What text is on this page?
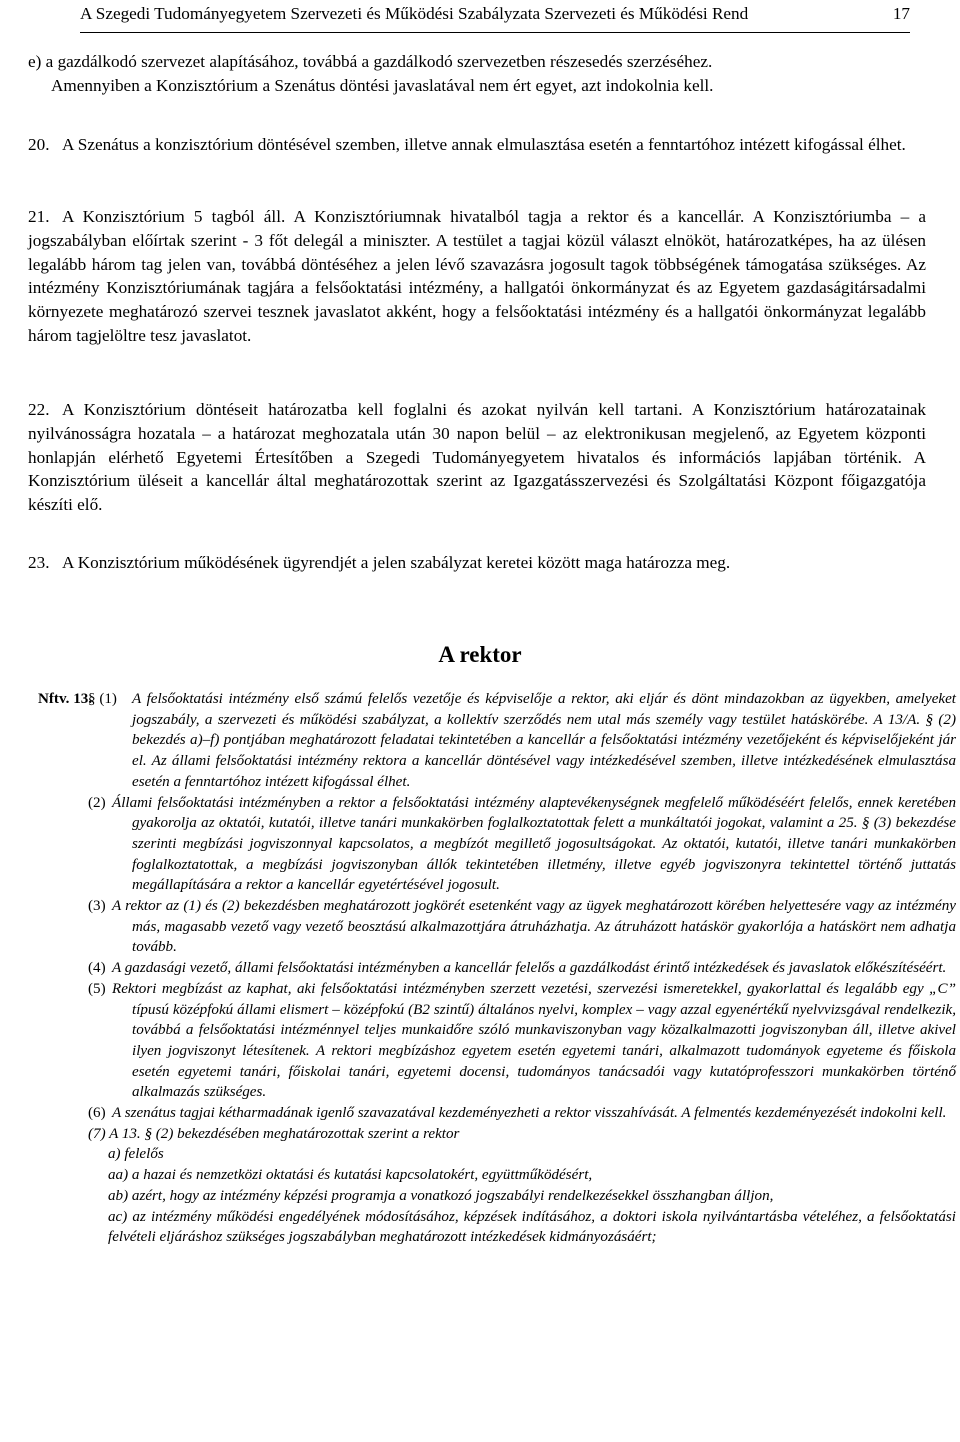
A Szegedi Tudományegyetem Szervezeti és Működési Szabályzata Szervezeti és Működési Rend	17

e) a gazdálkodó szervezet alapításához, továbbá a gazdálkodó szervezetben részesedés szerzéséhez.

Amennyiben a Konzisztórium a Szenátus döntési javaslatával nem ért egyet, azt indokolnia kell.

20. A Szenátus a konzisztórium döntésével szemben, illetve annak elmulasztása esetén a fenntartóhoz intézett kifogással élhet.

21. A Konzisztórium 5 tagból áll. A Konzisztóriumnak hivatalból tagja a rektor és a kancellár. A Konzisztóriumba – a jogszabályban előírtak szerint - 3 főt delegál a miniszter. A testület a tagjai közül választ elnököt, határozatképes, ha az ülésen legalább három tag jelen van, továbbá döntéséhez a jelen lévő szavazásra jogosult tagok többségének támogatása szükséges. Az intézmény Konzisztóriumának tagjára a felsőoktatási intézmény, a hallgatói önkormányzat és az Egyetem gazdaságitársadalmi környezete meghatározó szervei tesznek javaslatot akként, hogy a felsőoktatási intézmény és a hallgatói önkormányzat legalább három tagjelöltre tesz javaslatot.

22. A Konzisztórium döntéseit határozatba kell foglalni és azokat nyilván kell tartani. A Konzisztórium határozatainak nyilvánosságra hozatala – a határozat meghozatala után 30 napon belül – az elektronikusan megjelenő, az Egyetem központi honlapján elérhető Egyetemi Értesítőben a Szegedi Tudományegyetem hivatalos és információs lapjában történik. A Konzisztórium üléseit a kancellár által meghatározottak szerint az Igazgatásszervezési és Szolgáltatási Központ főigazgatója készíti elő.

23. A Konzisztórium működésének ügyrendjét a jelen szabályzat keretei között maga határozza meg.

A rektor
Nftv. 13.

§ (1) A felsőoktatási intézmény első számú felelős vezetője és képviselője a rektor, aki eljár és dönt mindazokban az ügyekben, amelyeket jogszabály, a szervezeti és működési szabályzat, a kollektív szerződés nem utal más személy vagy testület hatáskörébe. A 13/A. § (2) bekezdés a)–f) pontjában meghatározott feladatai tekintetében a kancellár a felsőoktatási intézmény vezetőjeként és képviselőjeként jár el. Az állami felsőoktatási intézmény rektora a kancellár döntésével vagy intézkedésével szemben, illetve intézkedésének elmulasztása esetén a fenntartóhoz intézett kifogással élhet.

(2) Állami felsőoktatási intézményben a rektor a felsőoktatási intézmény alaptevékenységnek megfelelő működéséért felelős, ennek keretében gyakorolja az oktatói, kutatói, illetve tanári munkakörben foglalkoztatottak felett a munkáltatói jogokat, valamint a 25. § (3) bekezdése szerinti megbízási jogviszonnyal kapcsolatos, a megbízót megillető jogosultságokat. Az oktatói, kutatói, illetve tanári munkakörben foglalkoztatottak, a megbízási jogviszonyban állók tekintetében illetmény, illetve egyéb jogviszonyra tekintettel történő juttatás megállapítására a rektor a kancellár egyetértésével jogosult.

(3) A rektor az (1) és (2) bekezdésben meghatározott jogkörét esetenként vagy az ügyek meghatározott körében helyettesére vagy az intézmény más, magasabb vezető vagy vezető beosztású alkalmazottjára átruházhatja. Az átruházott hatáskör gyakorlója a hatáskört nem adhatja tovább.

(4) A gazdasági vezető, állami felsőoktatási intézményben a kancellár felelős a gazdálkodást érintő intézkedések és javaslatok előkészítéséért.

(5) Rektori megbízást az kaphat, aki felsőoktatási intézményben szerzett vezetési, szervezési ismeretekkel, gyakorlattal és legalább egy „C” típusú középfokú állami elismert – középfokú (B2 szintű) általános nyelvi, komplex – vagy azzal egyenértékű nyelvvizsgával rendelkezik, továbbá a felsőoktatási intézménnyel teljes munkaidőre szóló munkaviszonyban vagy közalkalmazotti jogviszonyban áll, illetve akivel ilyen jogviszonyt létesítenek. A rektori megbízáshoz egyetem esetén egyetemi tanári, alkalmazott tudományok egyeteme és főiskola esetén egyetemi tanári, főiskolai tanári, egyetemi docensi, tudományos tanácsadói vagy kutatóprofesszori munkakörben történő alkalmazás szükséges.

(6) A szenátus tagjai kétharmadának igenlő szavazatával kezdeményezheti a rektor visszahívását. A felmentés kezdeményezését indokolni kell.

(7) A 13. § (2) bekezdésében meghatározottak szerint a rektor

a) felelős

aa) a hazai és nemzetközi oktatási és kutatási kapcsolatokért, együttműködésért,

ab) azért, hogy az intézmény képzési programja a vonatkozó jogszabályi rendelkezésekkel összhangban álljon,

ac) az intézmény működési engedélyének módosításához, képzések indításához, a doktori iskola nyilvántartásba vételéhez, a felsőoktatási felvételi eljáráshoz szükséges jogszabályban meghatározott intézkedések kidmányozásáért;
